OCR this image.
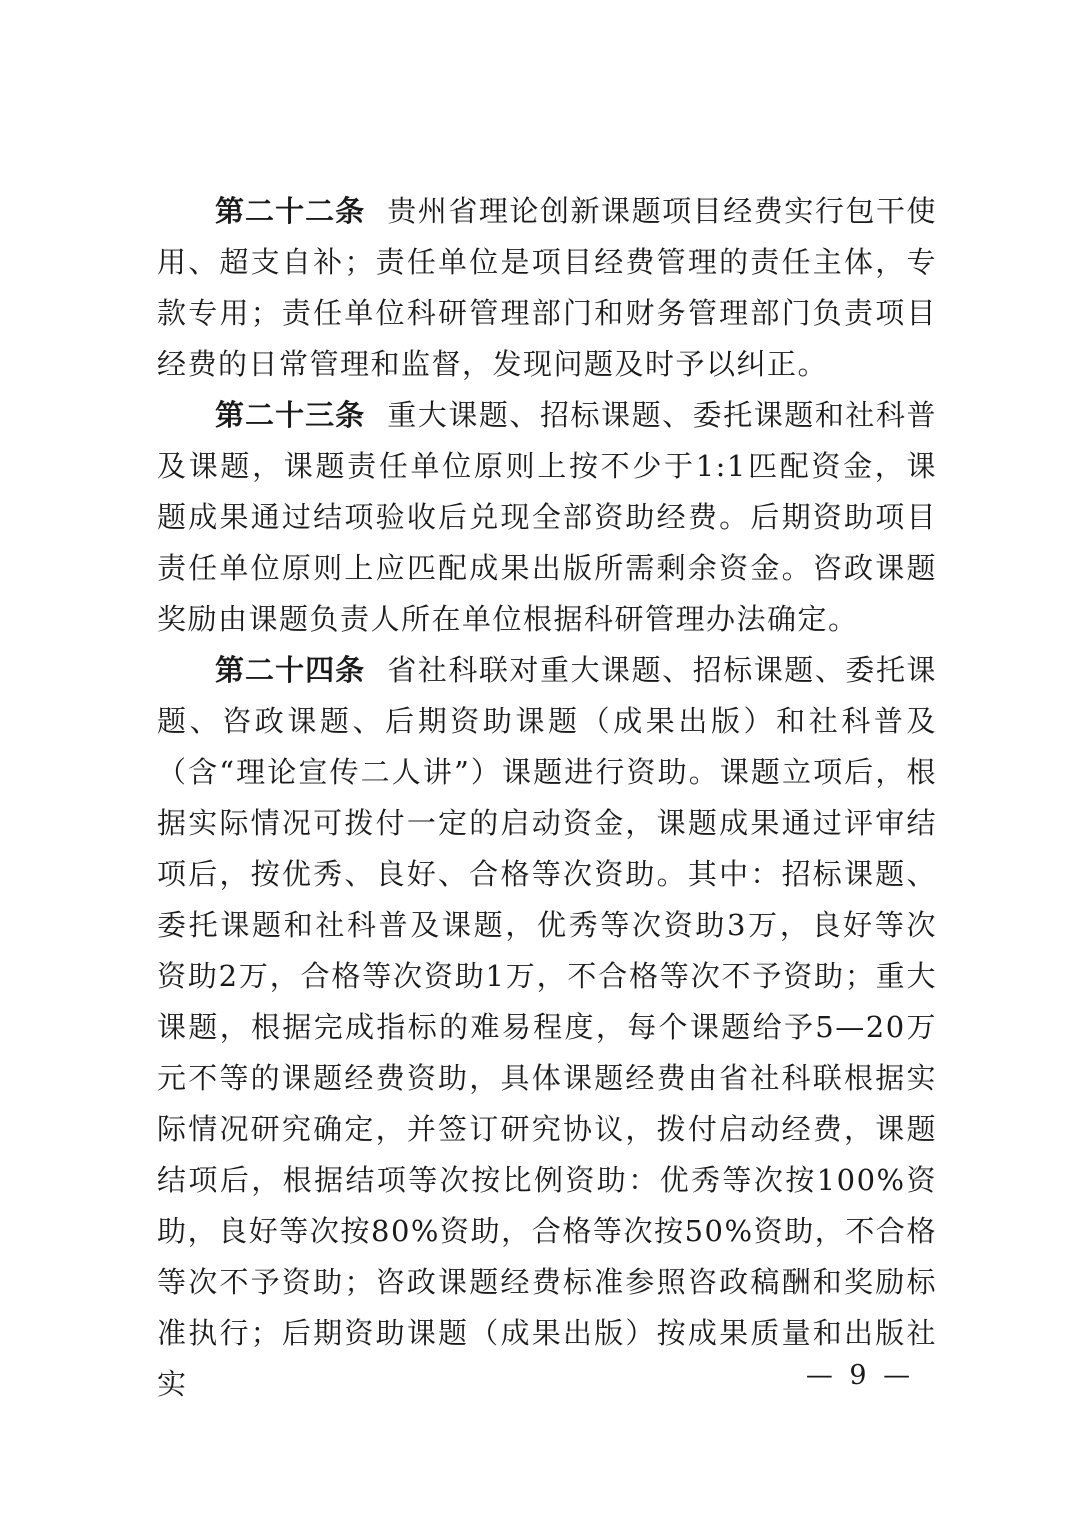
第二十二条 贵州省理论创新课题项目经费实行包干使用、超支自补；责任单位是项目经费管理的责任主体，专款专用；责任单位科研管理部门和财务管理部门负责项目经费的日常管理和监督，发现问题及时予以纠正。

第二十三条 重大课题、招标课题、委托课题和社科普及课题，课题责任单位原则上按不少于1:1匹配资金，课题成果通过结项验收后兑现全部资助经费。后期资助项目责任单位原则上应匹配成果出版所需剩余资金。咨政课题奖励由课题负责人所在单位根据科研管理办法确定。

第二十四条 省社科联对重大课题、招标课题、委托课题、咨政课题、后期资助课题（成果出版）和社科普及（含“理论宣传二人讲”）课题进行资助。课题立项后，根据实际情况可拨付一定的启动资金，课题成果通过评审结项后，按优秀、良好、合格等次资助。其中：招标课题、委托课题和社科普及课题，优秀等次资助3万，良好等次资助2万，合格等次资助1万，不合格等次不予资助；重大课题，根据完成指标的难易程度，每个课题给予5—20万元不等的课题经费资助，具体课题经费由省社科联根据实际情况研究确定，并签订研究协议，拨付启动经费，课题结项后，根据结项等次按比例资助：优秀等次按100%资助，良好等次按80%资助，合格等次按50%资助，不合格等次不予资助；咨政课题经费标准参照咨政稿酬和奖励标准执行；后期资助课题（成果出版）按成果质量和出版社实	— 9 —
